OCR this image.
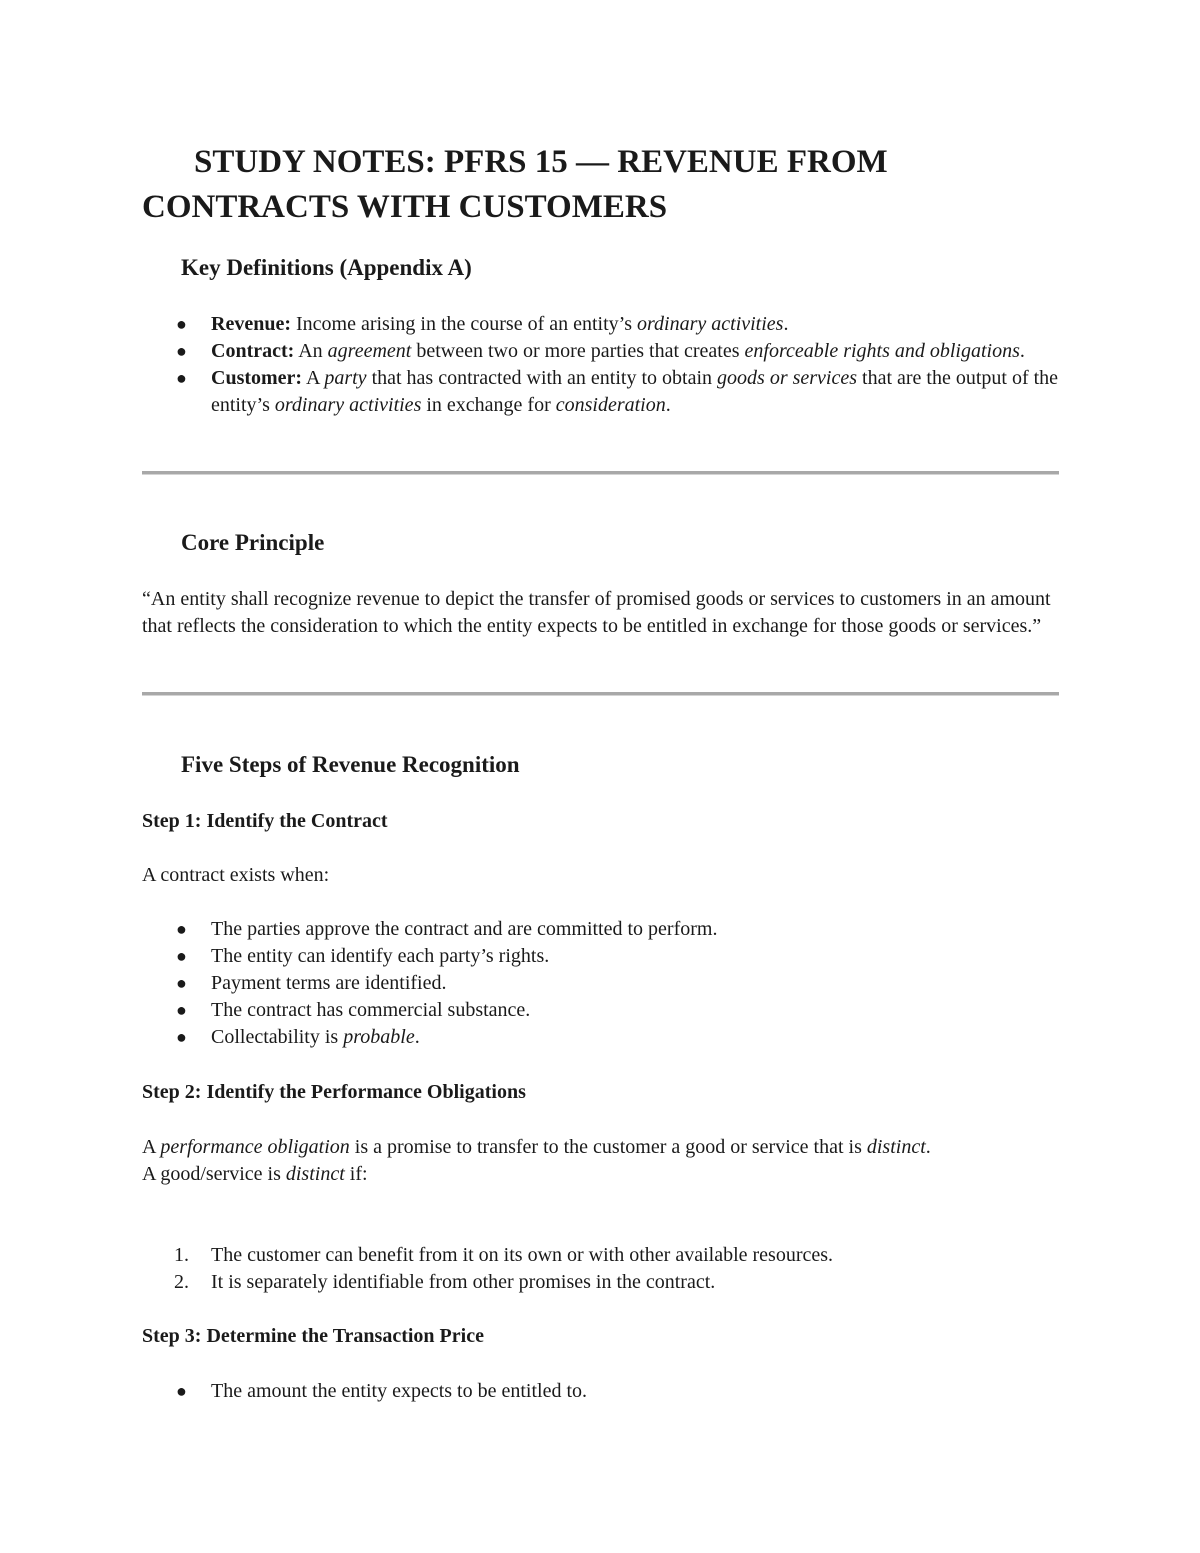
STUDY NOTES: PFRS 15 — REVENUE FROM CONTRACTS WITH CUSTOMERS
Key Definitions (Appendix A)
● Revenue: Income arising in the course of an entity’s ordinary activities.
● Contract: An agreement between two or more parties that creates enforceable rights and obligations.
● Customer: A party that has contracted with an entity to obtain goods or services that are the output of the entity’s ordinary activities in exchange for consideration.
Core Principle

“An entity shall recognize revenue to depict the transfer of promised goods or services to customers in an amount that reflects the consideration to which the entity expects to be entitled in exchange for those goods or services.”

Five Steps of Revenue Recognition
Step 1: Identify the Contract

A contract exists when:

● The parties approve the contract and are committed to perform.
● The entity can identify each party’s rights.
● Payment terms are identified.
● The contract has commercial substance.
● Collectability is probable.
Step 2: Identify the Performance Obligations

A performance obligation is a promise to transfer to the customer a good or service that is distinct.
A good/service is distinct if:

1. The customer can benefit from it on its own or with other available resources.
2. It is separately identifiable from other promises in the contract.
Step 3: Determine the Transaction Price
● The amount the entity expects to be entitled to.
